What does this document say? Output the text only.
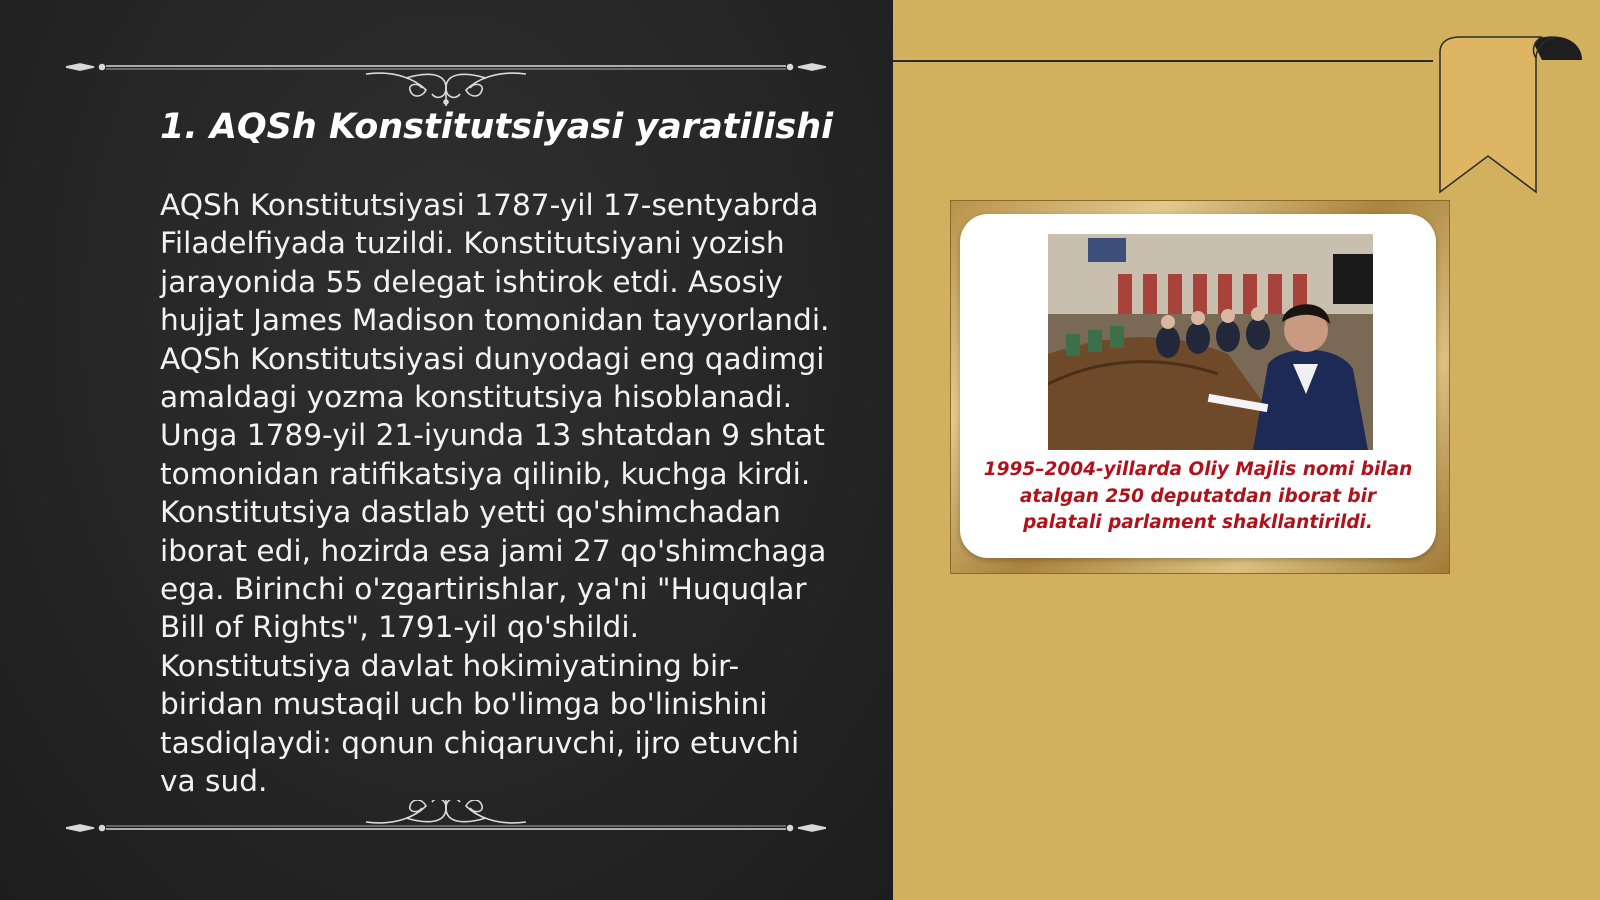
1. AQSh Konstitutsiyasi yaratilishi
AQSh Konstitutsiyasi 1787-yil 17-sentyabrda Filadelfiyada tuzildi. Konstitutsiyani yozish jarayonida 55 delegat ishtirok etdi. Asosiy hujjat James Madison tomonidan tayyorlandi. AQSh Konstitutsiyasi dunyodagi eng qadimgi amaldagi yozma konstitutsiya hisoblanadi. Unga 1789-yil 21-iyunda 13 shtatdan 9 shtat tomonidan ratifikatsiya qilinib, kuchga kirdi. Konstitutsiya dastlab yetti qo'shimchadan iborat edi, hozirda esa jami 27 qo'shimchaga ega. Birinchi o'zgartirishlar, ya'ni "Huquqlar Bill of Rights", 1791-yil qo'shildi. Konstitutsiya davlat hokimiyatining bir-biridan mustaqil uch bo'limga bo'linishini tasdiqlaydi: qonun chiqaruvchi, ijro etuvchi va sud.
1995–2004-yillarda Oliy Majlis nomi bilan atalgan 250 deputatdan iborat bir palatali parlament shakllantirildi.
